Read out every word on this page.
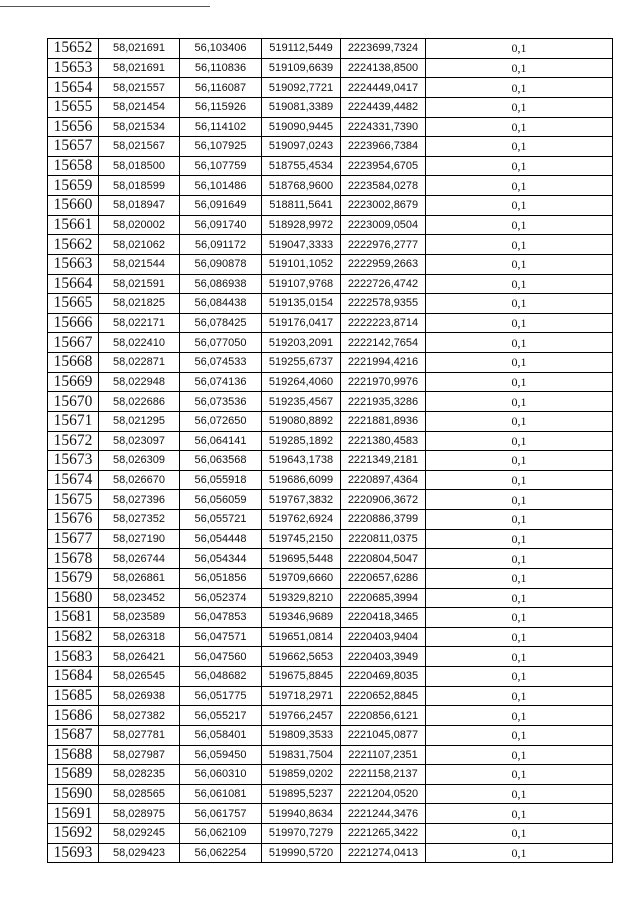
15652	58,021691	56,103406	519112,5449	2223699,7324	0,1
15653	58,021691	56,110836	519109,6639	2224138,8500	0,1
15654	58,021557	56,116087	519092,7721	2224449,0417	0,1
15655	58,021454	56,115926	519081,3389	2224439,4482	0,1
15656	58,021534	56,114102	519090,9445	2224331,7390	0,1
15657	58,021567	56,107925	519097,0243	2223966,7384	0,1
15658	58,018500	56,107759	518755,4534	2223954,6705	0,1
15659	58,018599	56,101486	518768,9600	2223584,0278	0,1
15660	58,018947	56,091649	518811,5641	2223002,8679	0,1
15661	58,020002	56,091740	518928,9972	2223009,0504	0,1
15662	58,021062	56,091172	519047,3333	2222976,2777	0,1
15663	58,021544	56,090878	519101,1052	2222959,2663	0,1
15664	58,021591	56,086938	519107,9768	2222726,4742	0,1
15665	58,021825	56,084438	519135,0154	2222578,9355	0,1
15666	58,022171	56,078425	519176,0417	2222223,8714	0,1
15667	58,022410	56,077050	519203,2091	2222142,7654	0,1
15668	58,022871	56,074533	519255,6737	2221994,4216	0,1
15669	58,022948	56,074136	519264,4060	2221970,9976	0,1
15670	58,022686	56,073536	519235,4567	2221935,3286	0,1
15671	58,021295	56,072650	519080,8892	2221881,8936	0,1
15672	58,023097	56,064141	519285,1892	2221380,4583	0,1
15673	58,026309	56,063568	519643,1738	2221349,2181	0,1
15674	58,026670	56,055918	519686,6099	2220897,4364	0,1
15675	58,027396	56,056059	519767,3832	2220906,3672	0,1
15676	58,027352	56,055721	519762,6924	2220886,3799	0,1
15677	58,027190	56,054448	519745,2150	2220811,0375	0,1
15678	58,026744	56,054344	519695,5448	2220804,5047	0,1
15679	58,026861	56,051856	519709,6660	2220657,6286	0,1
15680	58,023452	56,052374	519329,8210	2220685,3994	0,1
15681	58,023589	56,047853	519346,9689	2220418,3465	0,1
15682	58,026318	56,047571	519651,0814	2220403,9404	0,1
15683	58,026421	56,047560	519662,5653	2220403,3949	0,1
15684	58,026545	56,048682	519675,8845	2220469,8035	0,1
15685	58,026938	56,051775	519718,2971	2220652,8845	0,1
15686	58,027382	56,055217	519766,2457	2220856,6121	0,1
15687	58,027781	56,058401	519809,3533	2221045,0877	0,1
15688	58,027987	56,059450	519831,7504	2221107,2351	0,1
15689	58,028235	56,060310	519859,0202	2221158,2137	0,1
15690	58,028565	56,061081	519895,5237	2221204,0520	0,1
15691	58,028975	56,061757	519940,8634	2221244,3476	0,1
15692	58,029245	56,062109	519970,7279	2221265,3422	0,1
15693	58,029423	56,062254	519990,5720	2221274,0413	0,1
